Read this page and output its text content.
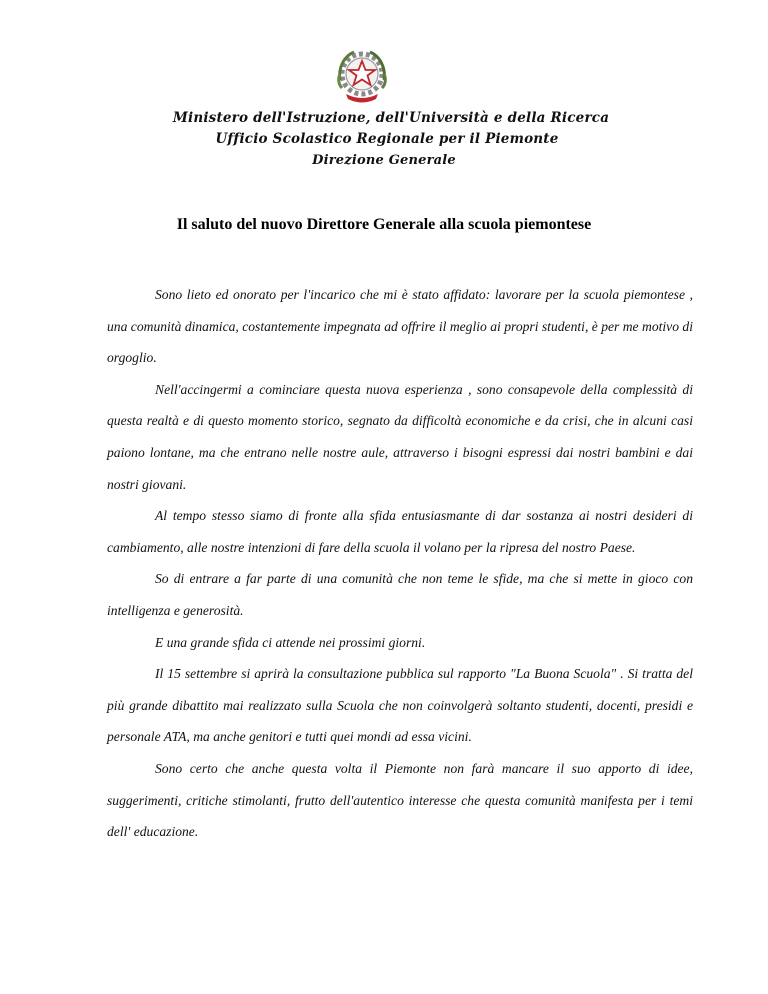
Ministero dell'Istruzione, dell'Università e della Ricerca
Ufficio Scolastico Regionale per il Piemonte
Direzione Generale
Il saluto del nuovo Direttore Generale alla scuola piemontese

Sono lieto ed onorato per l'incarico che mi è stato affidato: lavorare per la scuola piemontese , una comunità dinamica, costantemente impegnata ad offrire il meglio ai propri studenti, è per me motivo di orgoglio.

Nell'accingermi a cominciare questa nuova esperienza , sono consapevole della complessità di questa realtà e di questo momento storico, segnato da difficoltà economiche e da crisi, che in alcuni casi paiono lontane, ma che entrano nelle nostre aule, attraverso i bisogni espressi dai nostri bambini e dai nostri giovani.

Al tempo stesso siamo di fronte alla sfida entusiasmante di dar sostanza ai nostri desideri di cambiamento, alle nostre intenzioni di fare della scuola il volano per la ripresa del nostro Paese.

So di entrare a far parte di una comunità che non teme le sfide, ma che si mette in gioco con intelligenza e generosità.

E una grande sfida ci attende nei prossimi giorni.

Il 15 settembre si aprirà la consultazione pubblica sul rapporto "La Buona Scuola" . Si tratta del più grande dibattito mai realizzato sulla Scuola che non coinvolgerà soltanto studenti, docenti, presidi e personale ATA, ma anche genitori e tutti quei mondi ad essa vicini.

Sono certo che anche questa volta il Piemonte non farà mancare il suo apporto di idee, suggerimenti, critiche stimolanti, frutto dell'autentico interesse che questa comunità manifesta per i temi dell' educazione.
